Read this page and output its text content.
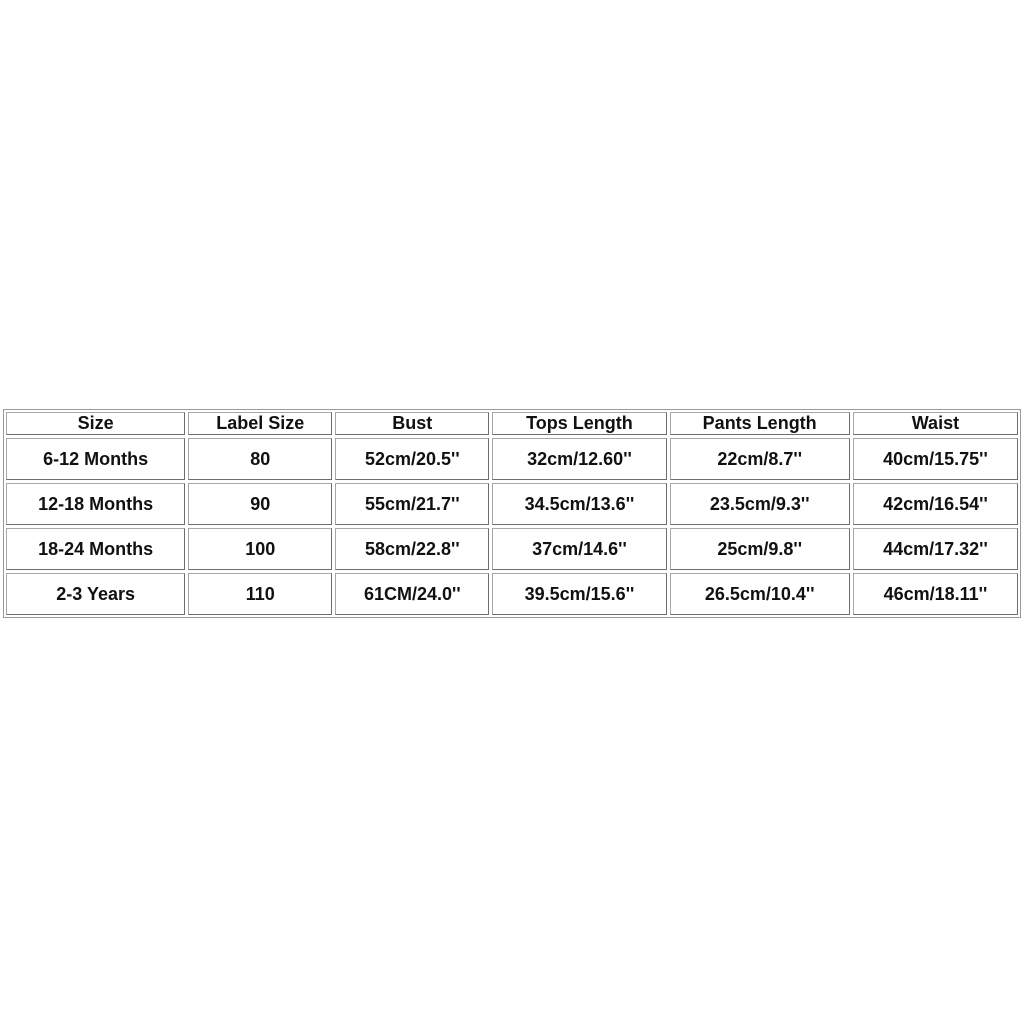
Size	Label Size	Bust	Tops Length	Pants Length	Waist
6-12 Months	80	52cm/20.5''	32cm/12.60''	22cm/8.7''	40cm/15.75''
12-18 Months	90	55cm/21.7''	34.5cm/13.6''	23.5cm/9.3''	42cm/16.54''
18-24 Months	100	58cm/22.8''	37cm/14.6''	25cm/9.8''	44cm/17.32''
2-3 Years	110	61CM/24.0''	39.5cm/15.6''	26.5cm/10.4''	46cm/18.11''
